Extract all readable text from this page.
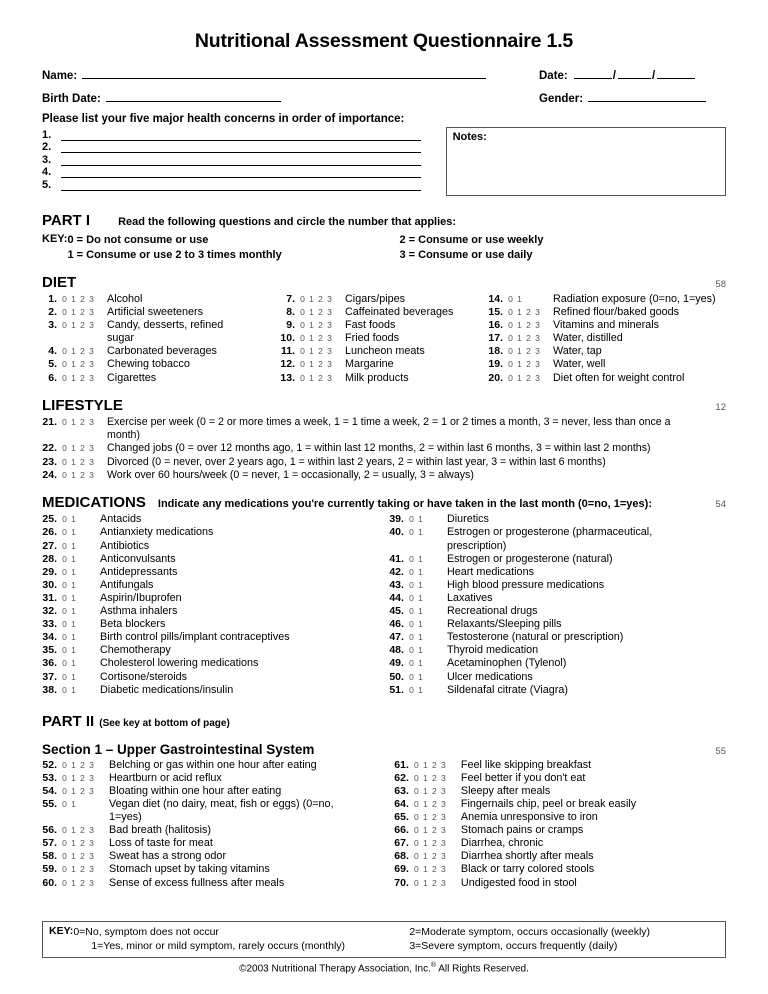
Nutritional Assessment Questionnaire 1.5
Name:	Date:	/	/
Birth Date:	Gender:
Please list your five major health concerns in order of importance:
1.
2.
3.
4.
5.
Notes:
PART I	Read the following questions and circle the number that applies:
KEY: 0 = Do not consume or use
1 = Consume or use 2 to 3 times monthly
2 = Consume or use weekly
3 = Consume or use daily
DIET	58
1. 0 1 2 3	Alcohol
2. 0 1 2 3	Artificial sweeteners
3. 0 1 2 3	Candy, desserts, refined
sugar
4. 0 1 2 3	Carbonated beverages
5. 0 1 2 3	Chewing tobacco
6. 0 1 2 3	Cigarettes
7. 0 1 2 3	Cigars/pipes
8. 0 1 2 3	Caffeinated beverages
9. 0 1 2 3	Fast foods
10. 0 1 2 3	Fried foods
11. 0 1 2 3	Luncheon meats
12. 0 1 2 3	Margarine
13. 0 1 2 3	Milk products
14. 0 1	Radiation exposure (0=no, 1=yes)
15. 0 1 2 3	Refined flour/baked goods
16. 0 1 2 3	Vitamins and minerals
17. 0 1 2 3	Water, distilled
18. 0 1 2 3	Water, tap
19. 0 1 2 3	Water, well
20. 0 1 2 3	Diet often for weight control
LIFESTYLE	12
21. 0 1 2 3	Exercise per week (0 = 2 or more times a week, 1 = 1 time a week, 2 = 1 or 2 times a month, 3 = never, less than once a
month)
22. 0 1 2 3	Changed jobs (0 = over 12 months ago, 1 = within last 12 months, 2 = within last 6 months, 3 = within last 2 months)
23. 0 1 2 3	Divorced (0 = never, over 2 years ago, 1 = within last 2 years, 2 = within last year, 3 = within last 6 months)
24. 0 1 2 3	Work over 60 hours/week (0 = never, 1 = occasionally, 2 = usually, 3 = always)
MEDICATIONS Indicate any medications you're currently taking or have taken in the last month (0=no, 1=yes):	54
25. 0 1	Antacids
26. 0 1	Antianxiety medications
27. 0 1	Antibiotics
28. 0 1	Anticonvulsants
29. 0 1	Antidepressants
30. 0 1	Antifungals
31. 0 1	Aspirin/Ibuprofen
32. 0 1	Asthma inhalers
33. 0 1	Beta blockers
34. 0 1	Birth control pills/implant contraceptives
35. 0 1	Chemotherapy
36. 0 1	Cholesterol lowering medications
37. 0 1	Cortisone/steroids
38. 0 1	Diabetic medications/insulin
39. 0 1	Diuretics
40. 0 1	Estrogen or progesterone (pharmaceutical,
prescription)
41. 0 1	Estrogen or progesterone (natural)
42. 0 1	Heart medications
43. 0 1	High blood pressure medications
44. 0 1	Laxatives
45. 0 1	Recreational drugs
46. 0 1	Relaxants/Sleeping pills
47. 0 1	Testosterone (natural or prescription)
48. 0 1	Thyroid medication
49. 0 1	Acetaminophen (Tylenol)
50. 0 1	Ulcer medications
51. 0 1	Sildenafal citrate (Viagra)
PART II (See key at bottom of page)
Section 1 – Upper Gastrointestinal System	55
52. 0 1 2 3	Belching or gas within one hour after eating
53. 0 1 2 3	Heartburn or acid reflux
54. 0 1 2 3	Bloating within one hour after eating
55. 0 1	Vegan diet (no dairy, meat, fish or eggs) (0=no,
1=yes)
56. 0 1 2 3	Bad breath (halitosis)
57. 0 1 2 3	Loss of taste for meat
58. 0 1 2 3	Sweat has a strong odor
59. 0 1 2 3	Stomach upset by taking vitamins
60. 0 1 2 3	Sense of excess fullness after meals
61. 0 1 2 3	Feel like skipping breakfast
62. 0 1 2 3	Feel better if you don't eat
63. 0 1 2 3	Sleepy after meals
64. 0 1 2 3	Fingernails chip, peel or break easily
65. 0 1 2 3	Anemia unresponsive to iron
66. 0 1 2 3	Stomach pains or cramps
67. 0 1 2 3	Diarrhea, chronic
68. 0 1 2 3	Diarrhea shortly after meals
69. 0 1 2 3	Black or tarry colored stools
70. 0 1 2 3	Undigested food in stool
KEY: 0=No, symptom does not occur
1=Yes, minor or mild symptom, rarely occurs (monthly)
2=Moderate symptom, occurs occasionally (weekly)
3=Severe symptom, occurs frequently (daily)
©2003 Nutritional Therapy Association, Inc.® All Rights Reserved.
